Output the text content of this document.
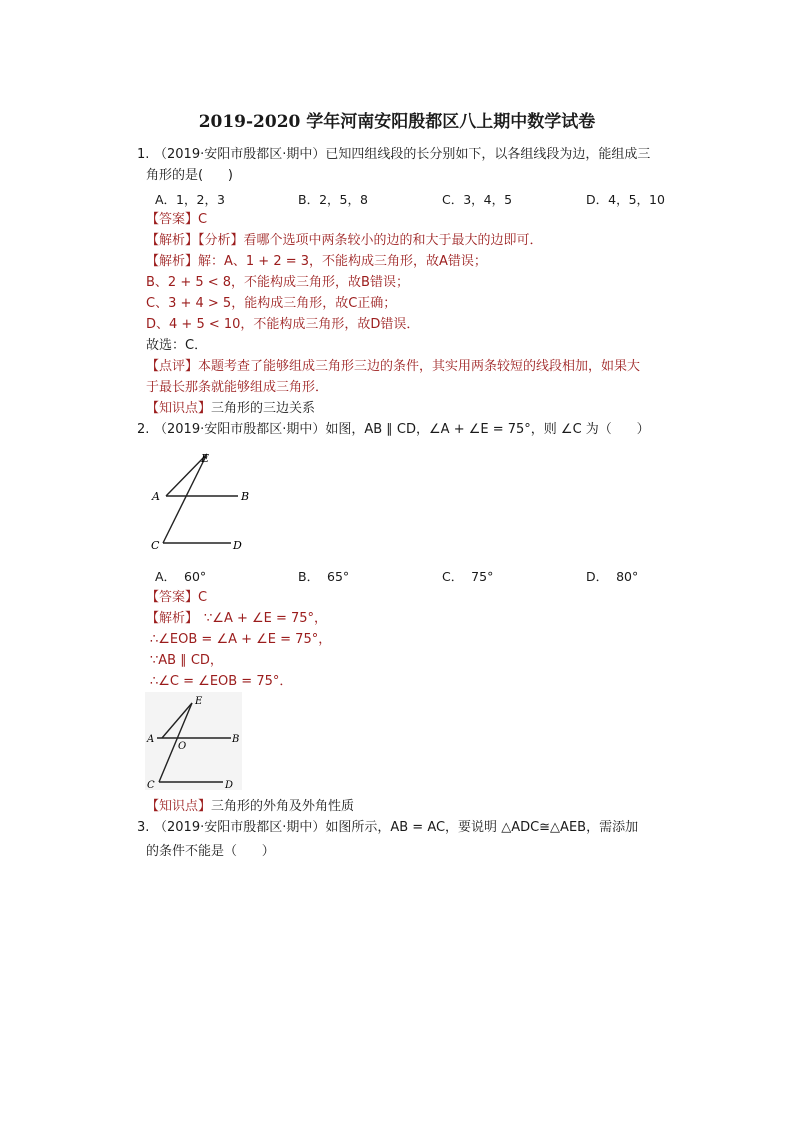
2019-2020 学年河南安阳殷都区八上期中数学试卷
1. （2019·安阳市殷都区·期中）已知四组线段的长分别如下，以各组线段为边，能组成三
角形的是(      )
A．1，2，3	B．2，5，8	C．3，4，5	D．4，5，10
【答案】C
【解析】【分析】看哪个选项中两条较小的边的和大于最大的边即可．
【解析】解：A、1 + 2 = 3，不能构成三角形，故A错误；
B、2 + 5 < 8，不能构成三角形，故B错误；
C、3 + 4 > 5，能构成三角形，故C正确；
D、4 + 5 < 10，不能构成三角形，故D错误．
故选：C．
【点评】本题考查了能够组成三角形三边的条件，其实用两条较短的线段相加，如果大
于最长那条就能够组成三角形．
【知识点】三角形的三边关系
2. （2019·安阳市殷都区·期中）如图，AB ∥ CD，∠A + ∠E = 75°，则 ∠C 为（      ）
E
A	B
C	D
A．  60°	B．  65°	C．  75°	D．  80°
【答案】C
【解析】 ∵∠A + ∠E = 75°，
∴∠EOB = ∠A + ∠E = 75°，
∵AB ∥ CD，
∴∠C = ∠EOB = 75°．
E
A
O
B
C	D
【知识点】三角形的外角及外角性质
3. （2019·安阳市殷都区·期中）如图所示，AB = AC，要说明 △ADC≅△AEB，需添加
的条件不能是（      ）
